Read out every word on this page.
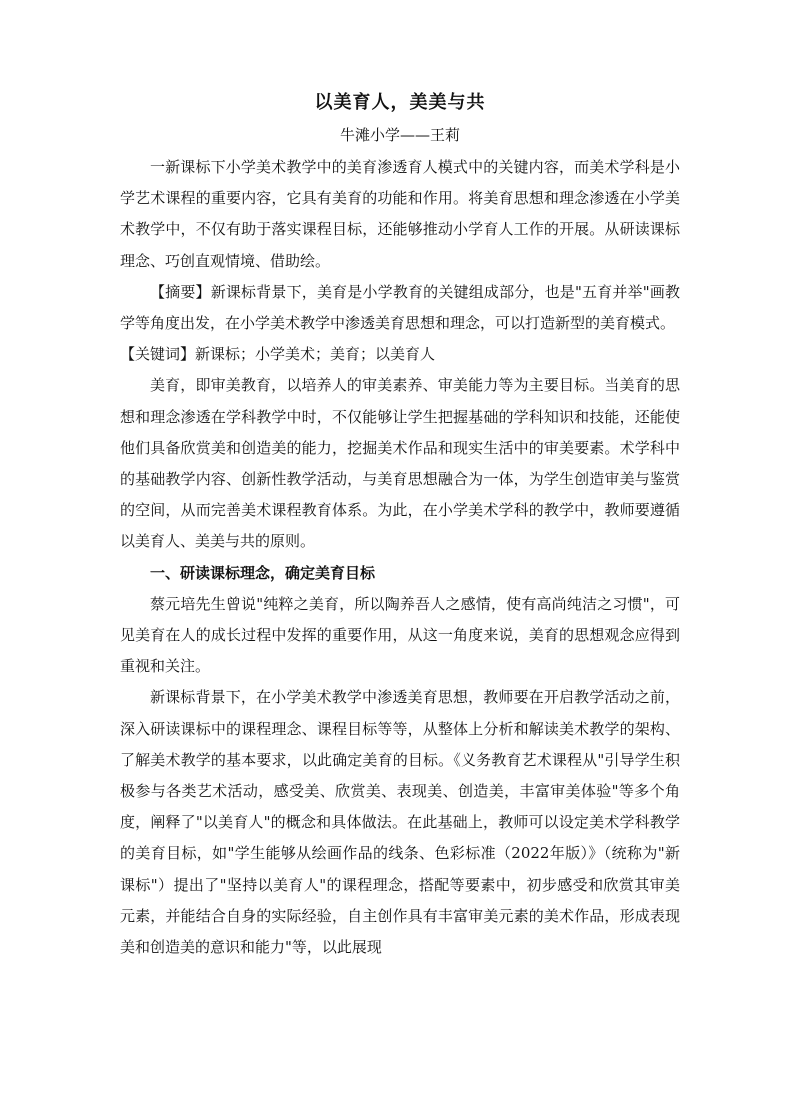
以美育人，美美与共

牛滩小学——王莉

一新课标下小学美术教学中的美育渗透育人模式中的关键内容，而美术学科是小学艺术课程的重要内容，它具有美育的功能和作用。将美育思想和理念渗透在小学美术教学中，不仅有助于落实课程目标，还能够推动小学育人工作的开展。从研读课标理念、巧创直观情境、借助绘。

【摘要】新课标背景下，美育是小学教育的关键组成部分，也是"五育并举"画教学等角度出发，在小学美术教学中渗透美育思想和理念，可以打造新型的美育模式。

【关键词】新课标；小学美术；美育；以美育人

美育，即审美教育，以培养人的审美素养、审美能力等为主要目标。当美育的思想和理念渗透在学科教学中时，不仅能够让学生把握基础的学科知识和技能，还能使他们具备欣赏美和创造美的能力，挖掘美术作品和现实生活中的审美要素。术学科中的基础教学内容、创新性教学活动，与美育思想融合为一体，为学生创造审美与鉴赏的空间，从而完善美术课程教育体系。为此，在小学美术学科的教学中，教师要遵循以美育人、美美与共的原则。

一、研读课标理念，确定美育目标

蔡元培先生曾说"纯粹之美育，所以陶养吾人之感情，使有高尚纯洁之习惯"，可见美育在人的成长过程中发挥的重要作用，从这一角度来说，美育的思想观念应得到重视和关注。

新课标背景下，在小学美术教学中渗透美育思想，教师要在开启教学活动之前，深入研读课标中的课程理念、课程目标等等，从整体上分析和解读美术教学的架构、了解美术教学的基本要求，以此确定美育的目标。《义务教育艺术课程从"引导学生积极参与各类艺术活动，感受美、欣赏美、表现美、创造美，丰富审美体验"等多个角度，阐释了"以美育人"的概念和具体做法。在此基础上，教师可以设定美术学科教学的美育目标，如"学生能够从绘画作品的线条、色彩标准（2022年版）》（统称为"新课标"）提出了"坚持以美育人"的课程理念，搭配等要素中，初步感受和欣赏其审美元素，并能结合自身的实际经验，自主创作具有丰富审美元素的美术作品，形成表现美和创造美的意识和能力"等，以此展现
